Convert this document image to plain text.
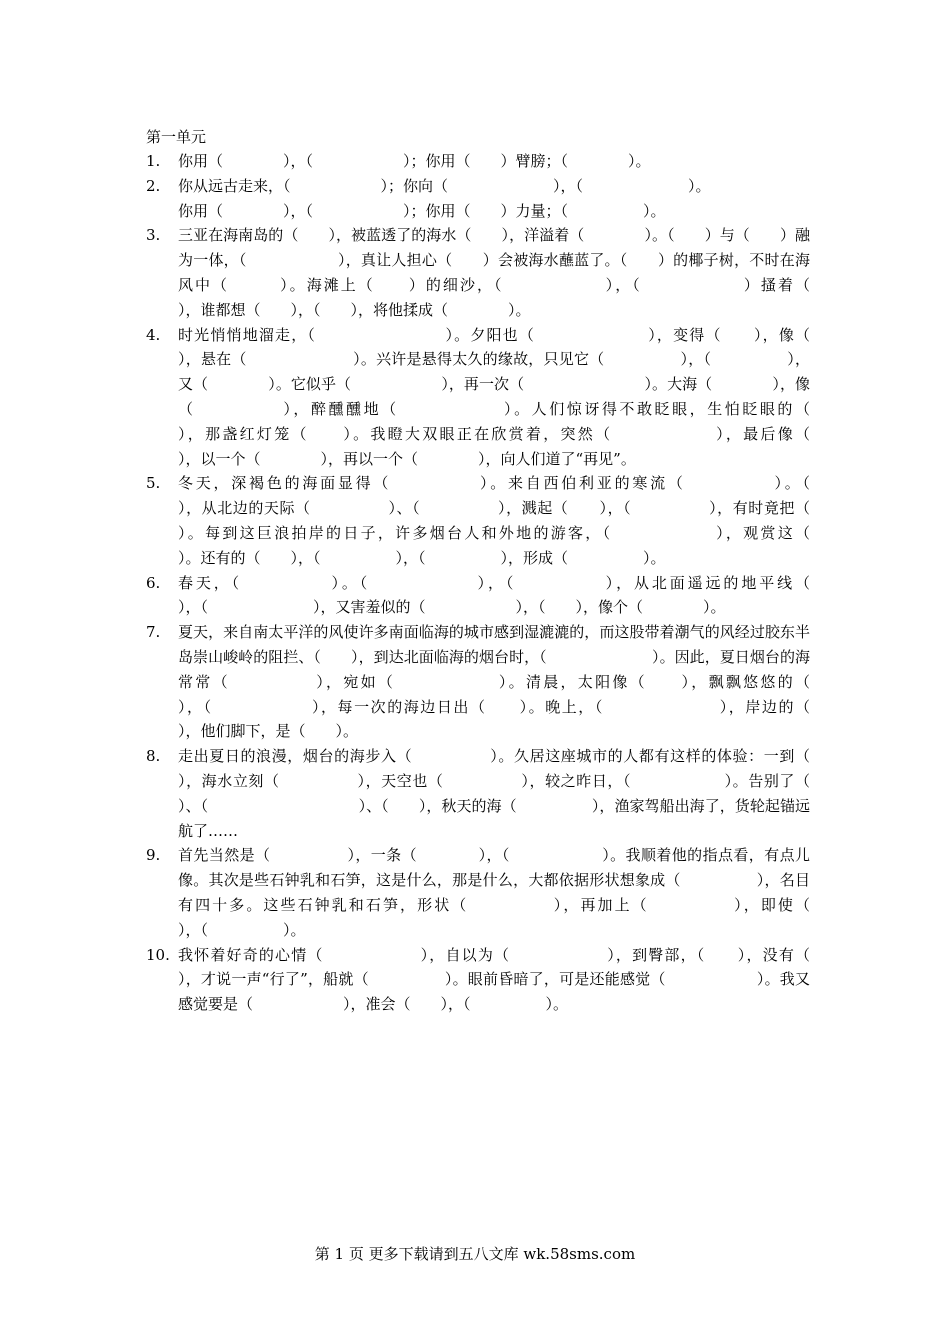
第一单元
1.	你用（　　　　），（　　　　　　）；你用（　　）臂膀；（　　　　）。
2.	你从远古走来，（　　　　　　）；你向（　　　　　　　），（　　　　　　　）。
你用（　　　　），（　　　　　　）；你用（　　）力量；（　　　　　）。
3.	三亚在海南岛的（　　），被蓝透了的海水（　　），洋溢着（　　　　）。（　　）与（　　）融为一体，（　　　　　　），真让人担心（　　）会被海水蘸蓝了。（　　）的椰子树，不时在海风中（　　　）。海滩上（　　）的细沙，（　　　　　　），（　　　　　　）搔着（　　　　），谁都想（　　），（　　），将他揉成（　　　　）。
4.	时光悄悄地溜走，（　　　　　　　　）。夕阳也（　　　　　　　），变得（　　），像（　　　　　），悬在（　　　　　　　）。兴许是悬得太久的缘故，只见它（　　　　　），（　　　　　），又（　　　　）。它似乎（　　　　　　），再一次（　　　　　　　　）。大海（　　　　），像（　　　　　），醉醺醺地（　　　　　　）。人们惊讶得不敢眨眼，生怕眨眼的（　　　　　），那盏红灯笼（　　）。我瞪大双眼正在欣赏着，突然（　　　　　　），最后像（　　　　　），以一个（　　　　），再以一个（　　　　），向人们道了“再见”。
5.	冬天，深褐色的海面显得（　　　　　）。来自西伯利亚的寒流（　　　　　）。（　　　　　　），从北边的天际（　　　　　）、（　　　　　），溅起（　　），（　　　　　），有时竟把（　　　　　　）。每到这巨浪拍岸的日子，许多烟台人和外地的游客，（　　　　　　），观赏这（　　　　　　）。还有的（　　），（　　　　　），（　　　　　），形成（　　　　　）。
6.	春天，（　　　　　）。（　　　　　　），（　　　　　），从北面遥远的地平线（　　　　　　　），（　　　　　　　），又害羞似的（　　　　　　），（　　），像个（　　　　）。
7.	夏天，来自南太平洋的风使许多南面临海的城市感到湿漉漉的，而这股带着潮气的风经过胶东半岛崇山峻岭的阻拦、（　　），到达北面临海的烟台时，（　　　　　　　）。因此，夏日烟台的海常常（　　　　　），宛如（　　　　　　）。清晨，太阳像（　　），飘飘悠悠的（　　　　　　　），（　　　　　　），每一次的海边日出（　　）。晚上，（　　　　　　　），岸边的（　　　　　　　），他们脚下，是（　　）。
8.	走出夏日的浪漫，烟台的海步入（　　　　　）。久居这座城市的人都有这样的体验：一到（　　　　　），海水立刻（　　　　　），天空也（　　　　　），较之昨日，（　　　　　　）。告别了（　　　　　）、（　　　　　　　　　　）、（　　），秋天的海（　　　　　），渔家驾船出海了，货轮起锚远航了……
9.	首先当然是（　　　　　），一条（　　　　），（　　　　　　）。我顺着他的指点看，有点儿像。其次是些石钟乳和石笋，这是什么，那是什么，大都依据形状想象成（　　　　　），名目有四十多。这些石钟乳和石笋，形状（　　　　　），再加上（　　　　　），即使（　　　　　），（　　　　　）。
10. 我怀着好奇的心情（　　　　　　），自以为（　　　　　　），到臀部，（　　），没有（　　　　　），才说一声“行了”，船就（　　　　　）。眼前昏暗了，可是还能感觉（　　　　　　）。我又感觉要是（　　　　　　），准会（　　），（　　　　　）。
第 1 页 更多下载请到五八文库 wk.58sms.com
